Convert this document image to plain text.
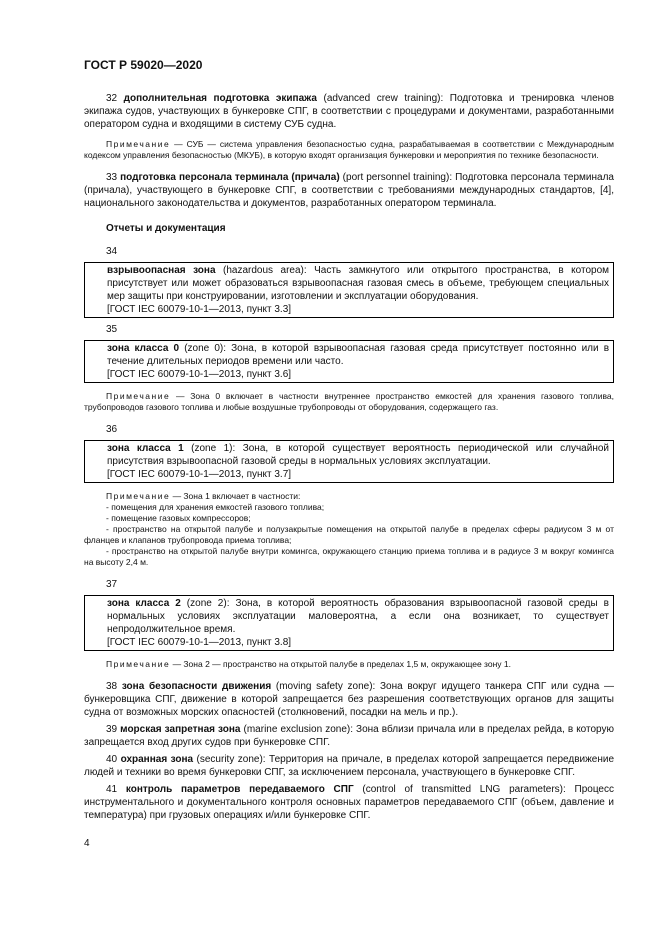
ГОСТ Р 59020—2020

32 дополнительная подготовка экипажа (advanced crew training): Подготовка и тренировка членов экипажа судов, участвующих в бункеровке СПГ, в соответствии с процедурами и документами, разработанными оператором судна и входящими в систему СУБ судна.

Примечание — СУБ — система управления безопасностью судна, разрабатываемая в соответствии с Международным кодексом управления безопасностью (МКУБ), в которую входят организация бункеровки и мероприятия по технике безопасности.

33 подготовка персонала терминала (причала) (port personnel training): Подготовка персонала терминала (причала), участвующего в бункеровке СПГ, в соответствии с требованиями международных стандартов, [4], национального законодательства и документов, разработанных оператором терминала.

Отчеты и документация

34

взрывоопасная зона (hazardous area): Часть замкнутого или открытого пространства, в котором присутствует или может образоваться взрывоопасная газовая смесь в объеме, требующем специальных мер защиты при конструировании, изготовлении и эксплуатации оборудования.
[ГОСТ IEC 60079-10-1—2013, пункт 3.3]

35

зона класса 0 (zone 0): Зона, в которой взрывоопасная газовая среда присутствует постоянно или в течение длительных периодов времени или часто.
[ГОСТ IEC 60079-10-1—2013, пункт 3.6]

Примечание — Зона 0 включает в частности внутреннее пространство емкостей для хранения газового топлива, трубопроводов газового топлива и любые воздушные трубопроводы от оборудования, содержащего газ.

36

зона класса 1 (zone 1): Зона, в которой существует вероятность периодической или случайной присутствия взрывоопасной газовой среды в нормальных условиях эксплуатации.
[ГОСТ IEC 60079-10-1—2013, пункт 3.7]

Примечание — Зона 1 включает в частности:

- помещения для хранения емкостей газового топлива;

- помещение газовых компрессоров;

- пространство на открытой палубе и полузакрытые помещения на открытой палубе в пределах сферы радиусом 3 м от фланцев и клапанов трубопровода приема топлива;

- пространство на открытой палубе внутри комингса, окружающего станцию приема топлива и в радиусе 3 м вокруг комингса на высоту 2,4 м.

37

зона класса 2 (zone 2): Зона, в которой вероятность образования взрывоопасной газовой среды в нормальных условиях эксплуатации маловероятна, а если она возникает, то существует непродолжительное время.
[ГОСТ IEC 60079-10-1—2013, пункт 3.8]

Примечание — Зона 2 — пространство на открытой палубе в пределах 1,5 м, окружающее зону 1.

38 зона безопасности движения (moving safety zone): Зона вокруг идущего танкера СПГ или судна — бункеровщика СПГ, движение в которой запрещается без разрешения соответствующих органов для защиты судна от возможных морских опасностей (столкновений, посадки на мель и пр.).

39 морская запретная зона (marine exclusion zone): Зона вблизи причала или в пределах рейда, в которую запрещается вход других судов при бункеровке СПГ.

40 охранная зона (security zone): Территория на причале, в пределах которой запрещается передвижение людей и техники во время бункеровки СПГ, за исключением персонала, участвующего в бункеровке СПГ.

41 контроль параметров передаваемого СПГ (control of transmitted LNG parameters): Процесс инструментального и документального контроля основных параметров передаваемого СПГ (объем, давление и температура) при грузовых операциях и/или бункеровке СПГ.

4
